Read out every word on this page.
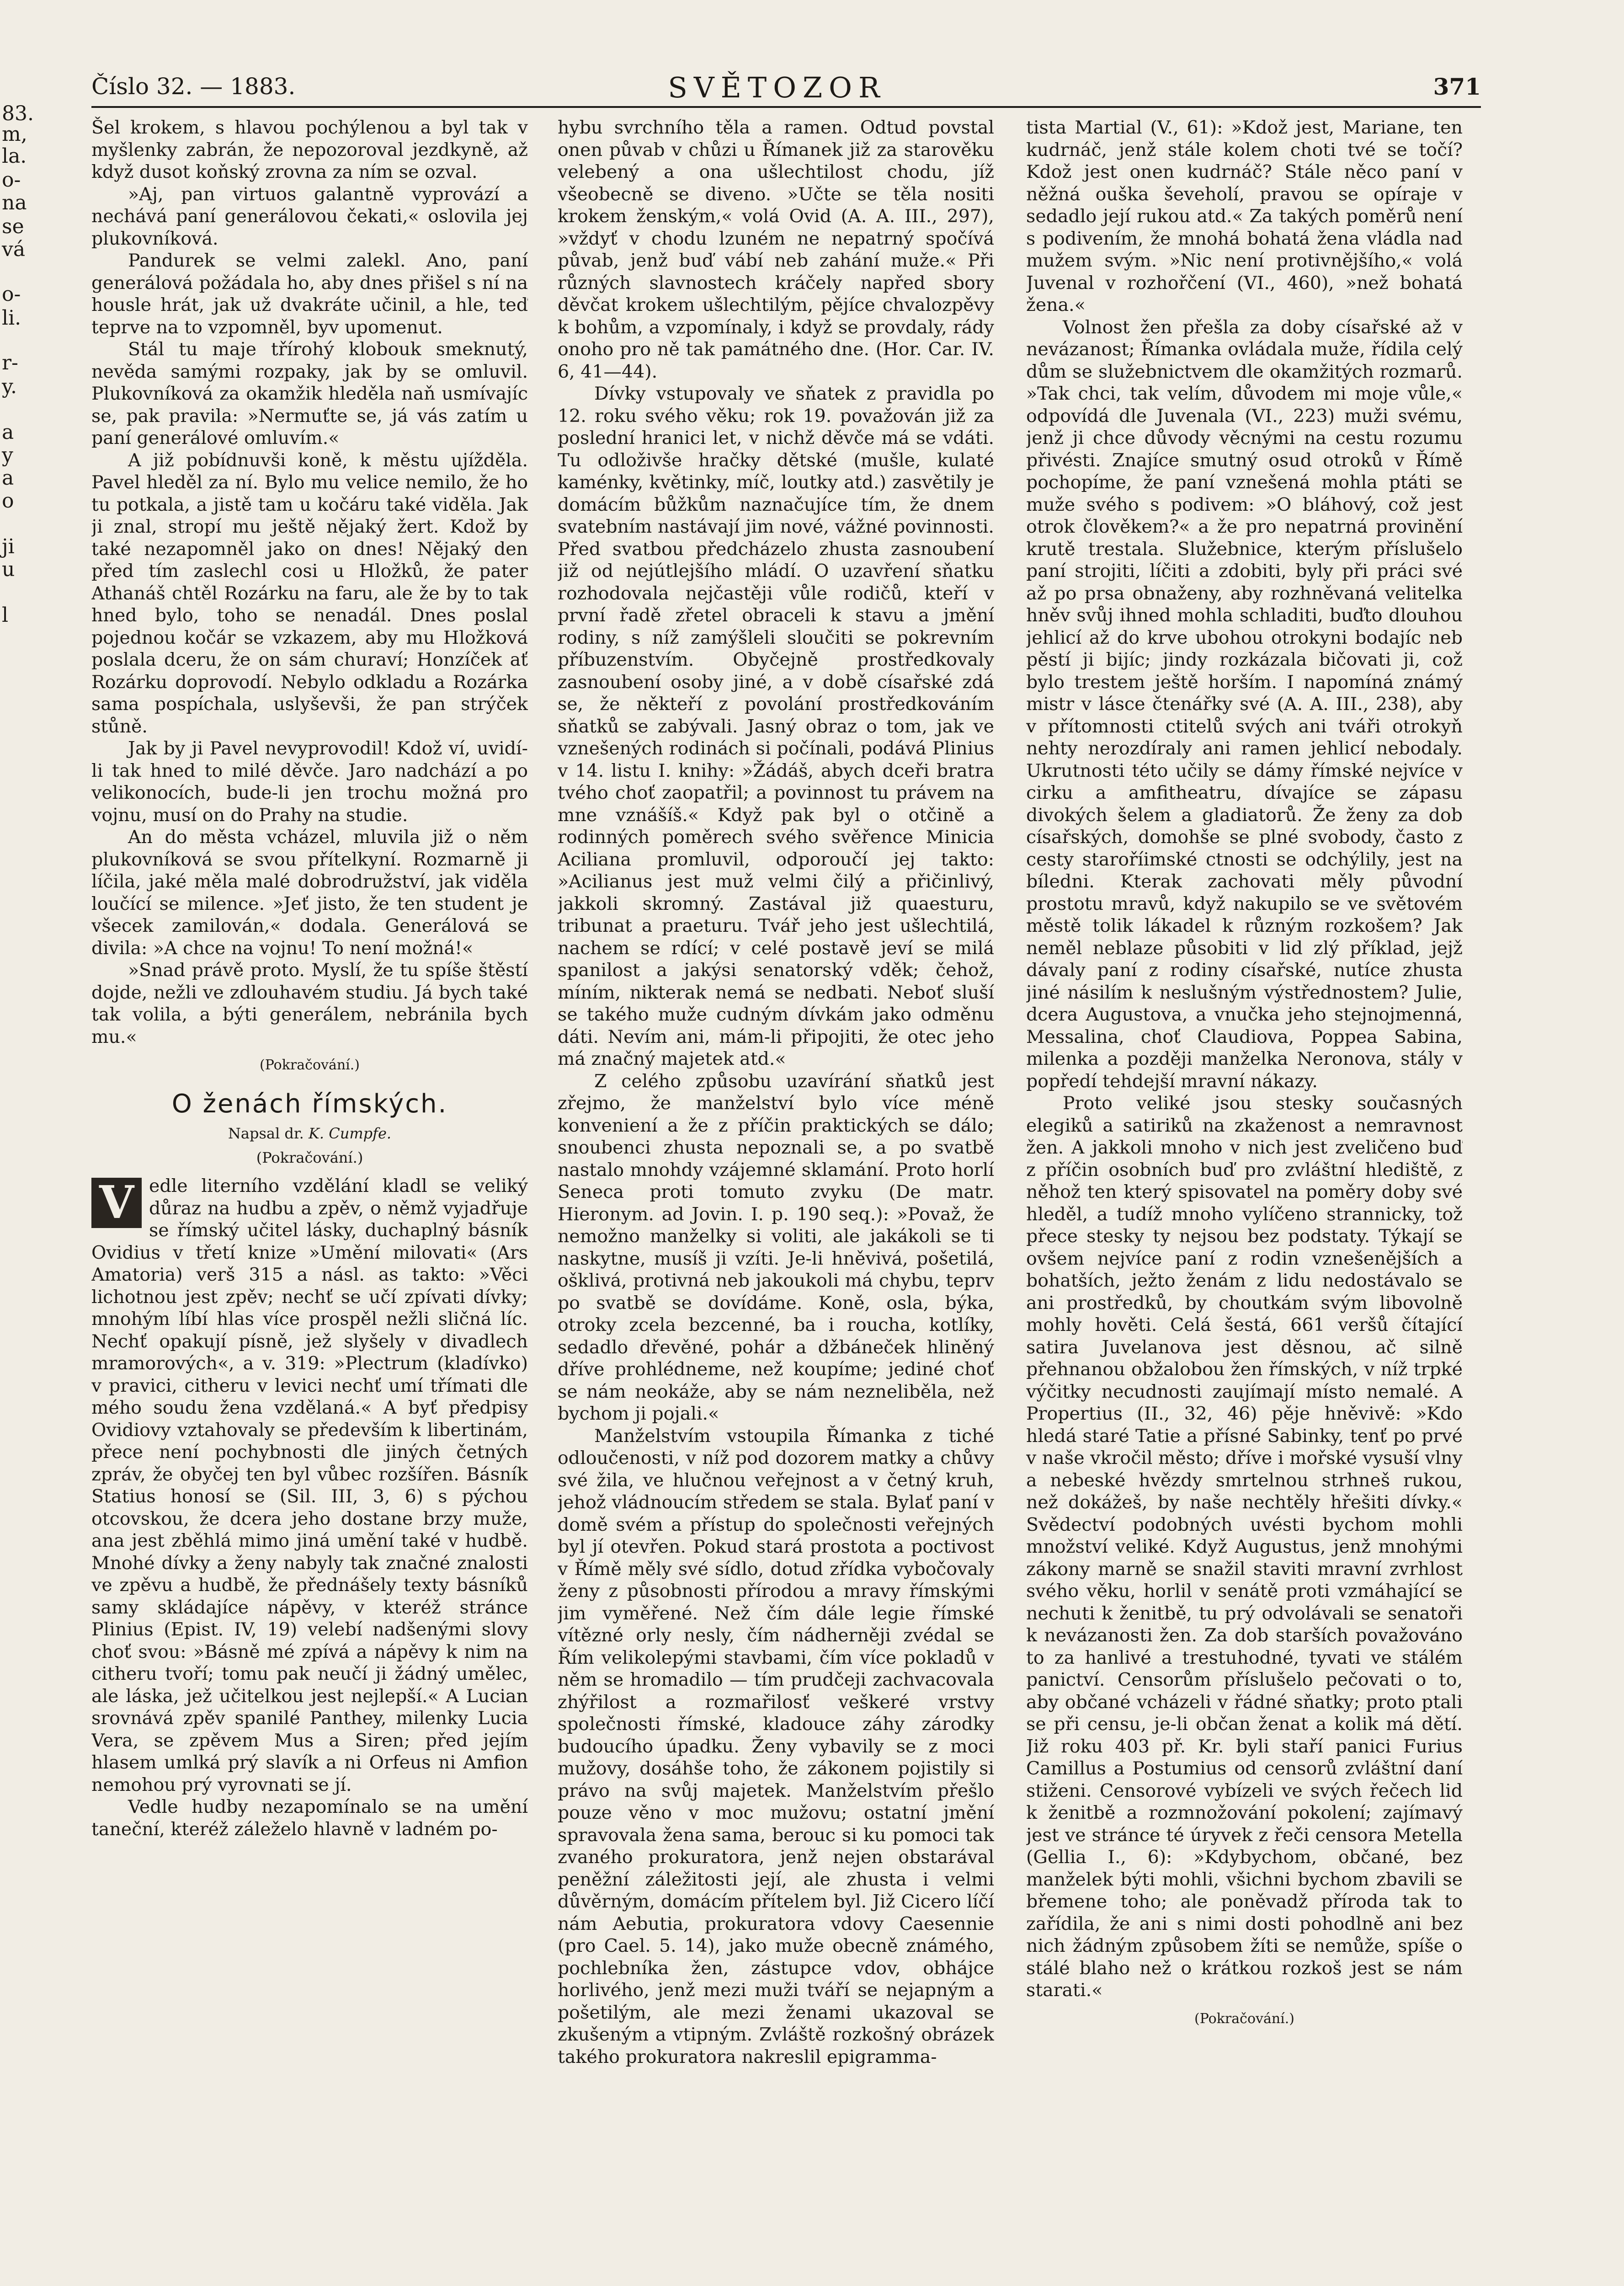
83.
m,
la.
o-
na
se
vá
o-
li.
r-
y.
a
y
a
o
ji
u
l
Číslo 32. — 1883.	SVĚTOZOR	371

Šel krokem, s hlavou pochýlenou a byl tak v myšlenky zabrán, že nepozoroval jezdkyně, až když dusot koňský zrovna za ním se ozval.

»Aj, pan virtuos galantně vyprovází a nechává paní generálovou čekati,« oslovila jej plukovníková.

Pandurek se velmi zalekl. Ano, paní generálová požádala ho, aby dnes přišel s ní na housle hrát, jak už dvakráte učinil, a hle, teď teprve na to vzpomněl, byv upomenut.

Stál tu maje třírohý klobouk smeknutý, nevěda samými rozpaky, jak by se omluvil. Plukovníková za okamžik hleděla naň usmívajíc se, pak pravila: »Nermuťte se, já vás zatím u paní generálové omluvím.«

A již pobídnuvši koně, k městu ujížděla. Pavel hleděl za ní. Bylo mu velice nemilo, že ho tu potkala, a jistě tam u kočáru také viděla. Jak ji znal, stropí mu ještě nějaký žert. Kdož by také nezapomněl jako on dnes! Nějaký den před tím zaslechl cosi u Hložků, že pater Athanáš chtěl Rozárku na faru, ale že by to tak hned bylo, toho se nenadál. Dnes poslal pojednou kočár se vzkazem, aby mu Hložková poslala dceru, že on sám churaví; Honzíček ať Rozárku doprovodí. Nebylo odkladu a Rozárka sama pospíchala, uslyševši, že pan strýček stůně.

Jak by ji Pavel nevyprovodil! Kdož ví, uvidí-li tak hned to milé děvče. Jaro nadchází a po velikonocích, bude-li jen trochu možná pro vojnu, musí on do Prahy na studie.

An do města vcházel, mluvila již o něm plukovníková se svou přítelkyní. Rozmarně ji líčila, jaké měla malé dobrodružství, jak viděla loučící se milence. »Jeť jisto, že ten student je všecek zamilován,« dodala. Generálová se divila: »A chce na vojnu! To není možná!«

»Snad právě proto. Myslí, že tu spíše štěstí dojde, nežli ve zdlouhavém studiu. Já bych také tak volila, a býti generálem, nebránila bych mu.«

(Pokračování.)

O ženách římských.
Napsal dr. K. Cumpfe.
(Pokračování.)

V edle literního vzdělání kladl se veliký důraz na hudbu a zpěv, o němž vyjadřuje se římský učitel lásky, duchaplný básník Ovidius v třetí knize »Umění milovati« (Ars Amatoria) verš 315 a násl. as takto: »Věci lichotnou jest zpěv; nechť se učí zpívati dívky; mnohým líbí hlas více prospěl nežli sličná líc. Nechť opakují písně, jež slyšely v divadlech mramorových«, a v. 319: »Plectrum (kladívko) v pravici, citheru v levici nechť umí třímati dle mého soudu žena vzdělaná.« A byť předpisy Ovidiovy vztahovaly se především k libertinám, přece není pochybnosti dle jiných četných zpráv, že obyčej ten byl vůbec rozšířen. Básník Statius honosí se (Sil. III, 3, 6) s pýchou otcovskou, že dcera jeho dostane brzy muže, ana jest zběhlá mimo jiná umění také v hudbě. Mnohé dívky a ženy nabyly tak značné znalosti ve zpěvu a hudbě, že přednášely texty básníků samy skládajíce nápěvy, v kteréž stránce Plinius (Epist. IV, 19) velebí nadšenými slovy choť svou: »Básně mé zpívá a nápěvy k nim na citheru tvoří; tomu pak neučí ji žádný umělec, ale láska, jež učitelkou jest nejlepší.« A Lucian srovnává zpěv spanilé Panthey, milenky Lucia Vera, se zpěvem Mus a Siren; před jejím hlasem umlká prý slavík a ni Orfeus ni Amfion nemohou prý vyrovnati se jí.

Vedle hudby nezapomínalo se na umění taneční, kteréž záleželo hlavně v ladném po-

hybu svrchního těla a ramen. Odtud povstal onen půvab v chůzi u Římanek již za starověku velebený a ona ušlechtilost chodu, jíž všeobecně se diveno. »Učte se těla nositi krokem ženským,« volá Ovid (A. A. III., 297), »vždyť v chodu lzuném ne nepatrný spočívá půvab, jenž buď vábí neb zahání muže.« Při různých slavnostech kráčely napřed sbory děvčat krokem ušlechtilým, pějíce chvalozpěvy k bohům, a vzpomínaly, i když se provdaly, rády onoho pro ně tak památného dne. (Hor. Car. IV. 6, 41—44).

Dívky vstupovaly ve sňatek z pravidla po 12. roku svého věku; rok 19. považován již za poslední hranici let, v nichž děvče má se vdáti. Tu odloživše hračky dětské (mušle, kulaté kaménky, květinky, míč, loutky atd.) zasvětily je domácím bůžkům naznačujíce tím, že dnem svatebním nastávají jim nové, vážné povinnosti. Před svatbou předcházelo zhusta zasnoubení již od nejútlejšího mládí. O uzavření sňatku rozhodovala nejčastěji vůle rodičů, kteří v první řadě zřetel obraceli k stavu a jmění rodiny, s níž zamýšleli sloučiti se pokrevním příbuzenstvím. Obyčejně prostředkovaly zasnoubení osoby jiné, a v době císařské zdá se, že někteří z povolání prostředkováním sňatků se zabývali. Jasný obraz o tom, jak ve vznešených rodinách si počínali, podává Plinius v 14. listu I. knihy: »Žádáš, abych dceři bratra tvého choť zaopatřil; a povinnost tu právem na mne vznášíš.« Když pak byl o otčině a rodinných poměrech svého svěřence Minicia Aciliana promluvil, odporoučí jej takto: »Acilianus jest muž velmi čilý a přičinlivý, jakkoli skromný. Zastával již quaesturu, tribunat a praeturu. Tvář jeho jest ušlechtilá, nachem se rdící; v celé postavě jeví se milá spanilost a jakýsi senatorský vděk; čehož, míním, nikterak nemá se nedbati. Neboť sluší se takého muže cudným dívkám jako odměnu dáti. Nevím ani, mám-li připojiti, že otec jeho má značný majetek atd.«

Z celého způsobu uzavírání sňatků jest zřejmo, že manželství bylo více méně konveniení a že z příčin praktických se dálo; snoubenci zhusta nepoznali se, a po svatbě nastalo mnohdy vzájemné sklamání. Proto horlí Seneca proti tomuto zvyku (De matr. Hieronym. ad Jovin. I. p. 190 seq.): »Považ, že nemožno manželky si voliti, ale jakákoli se ti naskytne, musíš ji vzíti. Je-li hněvivá, pošetilá, ošklivá, protivná neb jakoukoli má chybu, teprv po svatbě se dovídáme. Koně, osla, býka, otroky zcela bezcenné, ba i roucha, kotlíky, sedadlo dřevěné, pohár a džbáneček hliněný dříve prohlédneme, než koupíme; jediné choť se nám neokáže, aby se nám nezneliběla, než bychom ji pojali.«

Manželstvím vstoupila Římanka z tiché odloučenosti, v níž pod dozorem matky a chůvy své žila, ve hlučnou veřejnost a v četný kruh, jehož vládnoucím středem se stala. Bylať paní v domě svém a přístup do společnosti veřejných byl jí otevřen. Pokud stará prostota a poctivost v Římě měly své sídlo, dotud zřídka vybočovaly ženy z působnosti přírodou a mravy římskými jim vyměřené. Než čím dále legie římské vítězné orly nesly, čím nádherněji zvédal se Řím velikolepými stavbami, čím více pokladů v něm se hromadilo — tím prudčeji zachvacovala zhýřilost a rozmařilosť veškeré vrstvy společnosti římské, kladouce záhy zárodky budoucího úpadku. Ženy vybavily se z moci mužovy, dosáhše toho, že zákonem pojistily si právo na svůj majetek. Manželstvím přešlo pouze věno v moc mužovu; ostatní jmění spravovala žena sama, berouc si ku pomoci tak zvaného prokuratora, jenž nejen obstarával peněžní záležitosti její, ale zhusta i velmi důvěrným, domácím přítelem byl. Již Cicero líčí nám Aebutia, prokuratora vdovy Caesennie (pro Cael. 5. 14), jako muže obecně známého, pochlebníka žen, zástupce vdov, obhájce horlivého, jenž mezi muži tváří se nejapným a pošetilým, ale mezi ženami ukazoval se zkušeným a vtipným. Zvláště rozkošný obrázek takého prokuratora nakreslil epigramma-

tista Martial (V., 61): »Kdož jest, Mariane, ten kudrnáč, jenž stále kolem choti tvé se točí? Kdož jest onen kudrnáč? Stále něco paní v něžná ouška ševeholí, pravou se opíraje v sedadlo její rukou atd.« Za takých poměrů není s podivením, že mnohá bohatá žena vládla nad mužem svým. »Nic není protivnějšího,« volá Juvenal v rozhořčení (VI., 460), »než bohatá žena.«

Volnost žen přešla za doby císařské až v nevázanost; Římanka ovládala muže, řídila celý dům se služebnictvem dle okamžitých rozmarů. »Tak chci, tak velím, důvodem mi moje vůle,« odpovídá dle Juvenala (VI., 223) muži svému, jenž ji chce důvody věcnými na cestu rozumu přivésti. Znajíce smutný osud otroků v Římě pochopíme, že paní vznešená mohla ptáti se muže svého s podivem: »O bláhový, což jest otrok člověkem?« a že pro nepatrná provinění krutě trestala. Služebnice, kterým příslušelo paní strojiti, líčiti a zdobiti, byly při práci své až po prsa obnaženy, aby rozhněvaná velitelka hněv svůj ihned mohla schladiti, buďto dlouhou jehlicí až do krve ubohou otrokyni bodajíc neb pěstí ji bijíc; jindy rozkázala bičovati ji, což bylo trestem ještě horším. I napomíná známý mistr v lásce čtenářky své (A. A. III., 238), aby v přítomnosti ctitelů svých ani tváři otrokyň nehty nerozdíraly ani ramen jehlicí nebodaly. Ukrutnosti této učily se dámy římské nejvíce v cirku a amfitheatru, dívajíce se zápasu divokých šelem a gladiatorů. Že ženy za dob císařských, domohše se plné svobody, často z cesty staroříimské ctnosti se odchýlily, jest na bíledni. Kterak zachovati měly původní prostotu mravů, když nakupilo se ve světovém městě tolik lákadel k různým rozkošem? Jak neměl neblaze působiti v lid zlý příklad, jejž dávaly paní z rodiny císařské, nutíce zhusta jiné násilím k neslušným výstřednostem? Julie, dcera Augustova, a vnučka jeho stejnojmenná, Messalina, choť Claudiova, Poppea Sabina, milenka a později manželka Neronova, stály v popředí tehdejší mravní nákazy.

Proto veliké jsou stesky současných elegiků a satiriků na zkaženost a nemravnost žen. A jakkoli mnoho v nich jest zveličeno buď z příčin osobních buď pro zvláštní hlediště, z něhož ten který spisovatel na poměry doby své hleděl, a tudíž mnoho vylíčeno strannicky, tož přece stesky ty nejsou bez podstaty. Týkají se ovšem nejvíce paní z rodin vznešenějších a bohatších, ježto ženám z lidu nedostávalo se ani prostředků, by choutkám svým libovolně mohly hověti. Celá šestá, 661 veršů čítající satira Juvelanova jest děsnou, ač silně přehnanou obžalobou žen římských, v níž trpké výčitky necudnosti zaujímají místo nemalé. A Propertius (II., 32, 46) pěje hněvivě: »Kdo hledá staré Tatie a přísné Sabinky, tenť po prvé v naše vkročil město; dříve i mořské vysuší vlny a nebeské hvězdy smrtelnou strhneš rukou, než dokážeš, by naše nechtěly hřešiti dívky.« Svědectví podobných uvésti bychom mohli množství veliké. Když Augustus, jenž mnohými zákony marně se snažil staviti mravní zvrhlost svého věku, horlil v senátě proti vzmáhající se nechuti k ženitbě, tu prý odvolávali se senatoři k nevázanosti žen. Za dob starších považováno to za hanlivé a trestuhodné, tyvati ve stálém panictví. Censorům příslušelo pečovati o to, aby občané vcházeli v řádné sňatky; proto ptali se při censu, je-li občan ženat a kolik má dětí. Již roku 403 př. Kr. byli staří panici Furius Camillus a Postumius od censorů zvláštní daní stiženi. Censorové vybízeli ve svých řečech lid k ženitbě a rozmnožování pokolení; zajímavý jest ve stránce té úryvek z řeči censora Metella (Gellia I., 6): »Kdybychom, občané, bez manželek býti mohli, všichni bychom zbavili se břemene toho; ale poněvadž příroda tak to zařídila, že ani s nimi dosti pohodlně ani bez nich žádným způsobem žíti se nemůže, spíše o stálé blaho než o krátkou rozkoš jest se nám starati.«

(Pokračování.)
